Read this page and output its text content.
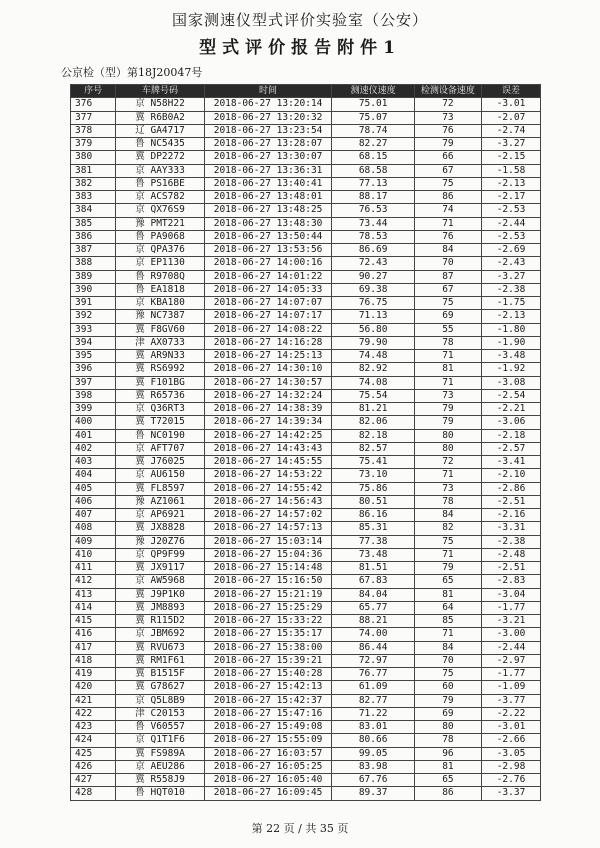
国家测速仪型式评价实验室（公安）
型式评价报告附件1
公京检（型）第18J20047号
序号	车牌号码	时间	测速仪速度	检测设备速度	误差
376	京 N58H22	2018-06-27 13:20:14	75.01	72	-3.01
377	冀 R6B0A2	2018-06-27 13:20:32	75.07	73	-2.07
378	辽 GA4717	2018-06-27 13:23:54	78.74	76	-2.74
379	鲁 NC5435	2018-06-27 13:28:07	82.27	79	-3.27
380	冀 DP2272	2018-06-27 13:30:07	68.15	66	-2.15
381	京 AAY333	2018-06-27 13:36:31	68.58	67	-1.58
382	鲁 PS16BE	2018-06-27 13:40:41	77.13	75	-2.13
383	京 ACS782	2018-06-27 13:48:01	88.17	86	-2.17
384	京 QX76S9	2018-06-27 13:48:25	76.53	74	-2.53
385	豫 PMT221	2018-06-27 13:48:30	73.44	71	-2.44
386	鲁 PA9068	2018-06-27 13:50:44	78.53	76	-2.53
387	京 QPA376	2018-06-27 13:53:56	86.69	84	-2.69
388	京 EP1130	2018-06-27 14:00:16	72.43	70	-2.43
389	鲁 R9708Q	2018-06-27 14:01:22	90.27	87	-3.27
390	鲁 EA1818	2018-06-27 14:05:33	69.38	67	-2.38
391	京 KBA180	2018-06-27 14:07:07	76.75	75	-1.75
392	豫 NC7387	2018-06-27 14:07:17	71.13	69	-2.13
393	冀 F8GV60	2018-06-27 14:08:22	56.80	55	-1.80
394	津 AX0733	2018-06-27 14:16:28	79.90	78	-1.90
395	冀 AR9N33	2018-06-27 14:25:13	74.48	71	-3.48
396	冀 RS6992	2018-06-27 14:30:10	82.92	81	-1.92
397	冀 F101BG	2018-06-27 14:30:57	74.08	71	-3.08
398	冀 R65736	2018-06-27 14:32:24	75.54	73	-2.54
399	京 Q36RT3	2018-06-27 14:38:39	81.21	79	-2.21
400	冀 T72015	2018-06-27 14:39:34	82.06	79	-3.06
401	鲁 NC0190	2018-06-27 14:42:25	82.18	80	-2.18
402	京 AFT707	2018-06-27 14:43:43	82.57	80	-2.57
403	冀 J76025	2018-06-27 14:45:55	75.41	72	-3.41
404	京 AU6150	2018-06-27 14:53:22	73.10	71	-2.10
405	冀 FL8597	2018-06-27 14:55:42	75.86	73	-2.86
406	豫 AZ1061	2018-06-27 14:56:43	80.51	78	-2.51
407	京 AP6921	2018-06-27 14:57:02	86.16	84	-2.16
408	冀 JX8828	2018-06-27 14:57:13	85.31	82	-3.31
409	豫 J20Z76	2018-06-27 15:03:14	77.38	75	-2.38
410	京 QP9F99	2018-06-27 15:04:36	73.48	71	-2.48
411	冀 JX9117	2018-06-27 15:14:48	81.51	79	-2.51
412	京 AW5968	2018-06-27 15:16:50	67.83	65	-2.83
413	冀 J9P1K0	2018-06-27 15:21:19	84.04	81	-3.04
414	冀 JM8893	2018-06-27 15:25:29	65.77	64	-1.77
415	冀 R115D2	2018-06-27 15:33:22	88.21	85	-3.21
416	京 JBM692	2018-06-27 15:35:17	74.00	71	-3.00
417	冀 RVU673	2018-06-27 15:38:00	86.44	84	-2.44
418	冀 RM1F61	2018-06-27 15:39:21	72.97	70	-2.97
419	冀 B1515F	2018-06-27 15:40:28	76.77	75	-1.77
420	冀 G78627	2018-06-27 15:42:13	61.09	60	-1.09
421	京 Q5L8B9	2018-06-27 15:42:37	82.77	79	-3.77
422	津 C20153	2018-06-27 15:47:16	71.22	69	-2.22
423	鲁 V60557	2018-06-27 15:49:08	83.01	80	-3.01
424	京 Q1T1F6	2018-06-27 15:55:09	80.66	78	-2.66
425	冀 FS989A	2018-06-27 16:03:57	99.05	96	-3.05
426	京 AEU286	2018-06-27 16:05:25	83.98	81	-2.98
427	冀 R558J9	2018-06-27 16:05:40	67.76	65	-2.76
428	鲁 HQT010	2018-06-27 16:09:45	89.37	86	-3.37
第 22 页 / 共 35 页
